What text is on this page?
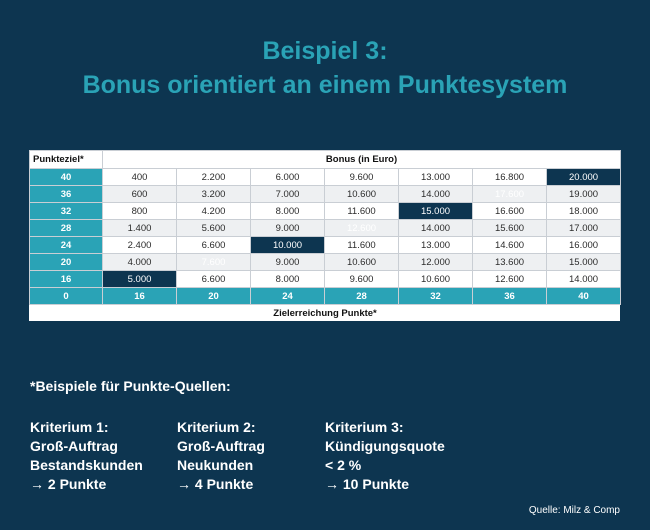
Beispiel 3:
Bonus orientiert an einem Punktesystem
Punkteziel*	Bonus (in Euro)						
40	400	2.200	6.000	9.600	13.000	16.800	20.000
36	600	3.200	7.000	10.600	14.000	17.600	19.000
32	800	4.200	8.000	11.600	15.000	16.600	18.000
28	1.400	5.600	9.000	12.600	14.000	15.600	17.000
24	2.400	6.600	10.000	11.600	13.000	14.600	16.000
20	4.000	7.600	9.000	10.600	12.000	13.600	15.000
16	5.000	6.600	8.000	9.600	10.600	12.600	14.000
0	16	20	24	28	32	36	40
Zielerreichung Punkte*							
*Beispiele für Punkte-Quellen:
Kriterium 1:
Groß-Auftrag
Bestandskunden
→ 2 Punkte
Kriterium 2:
Groß-Auftrag
Neukunden
→ 4 Punkte
Kriterium 3:
Kündigungsquote
< 2 %
→ 10 Punkte
Quelle: Milz & Comp
